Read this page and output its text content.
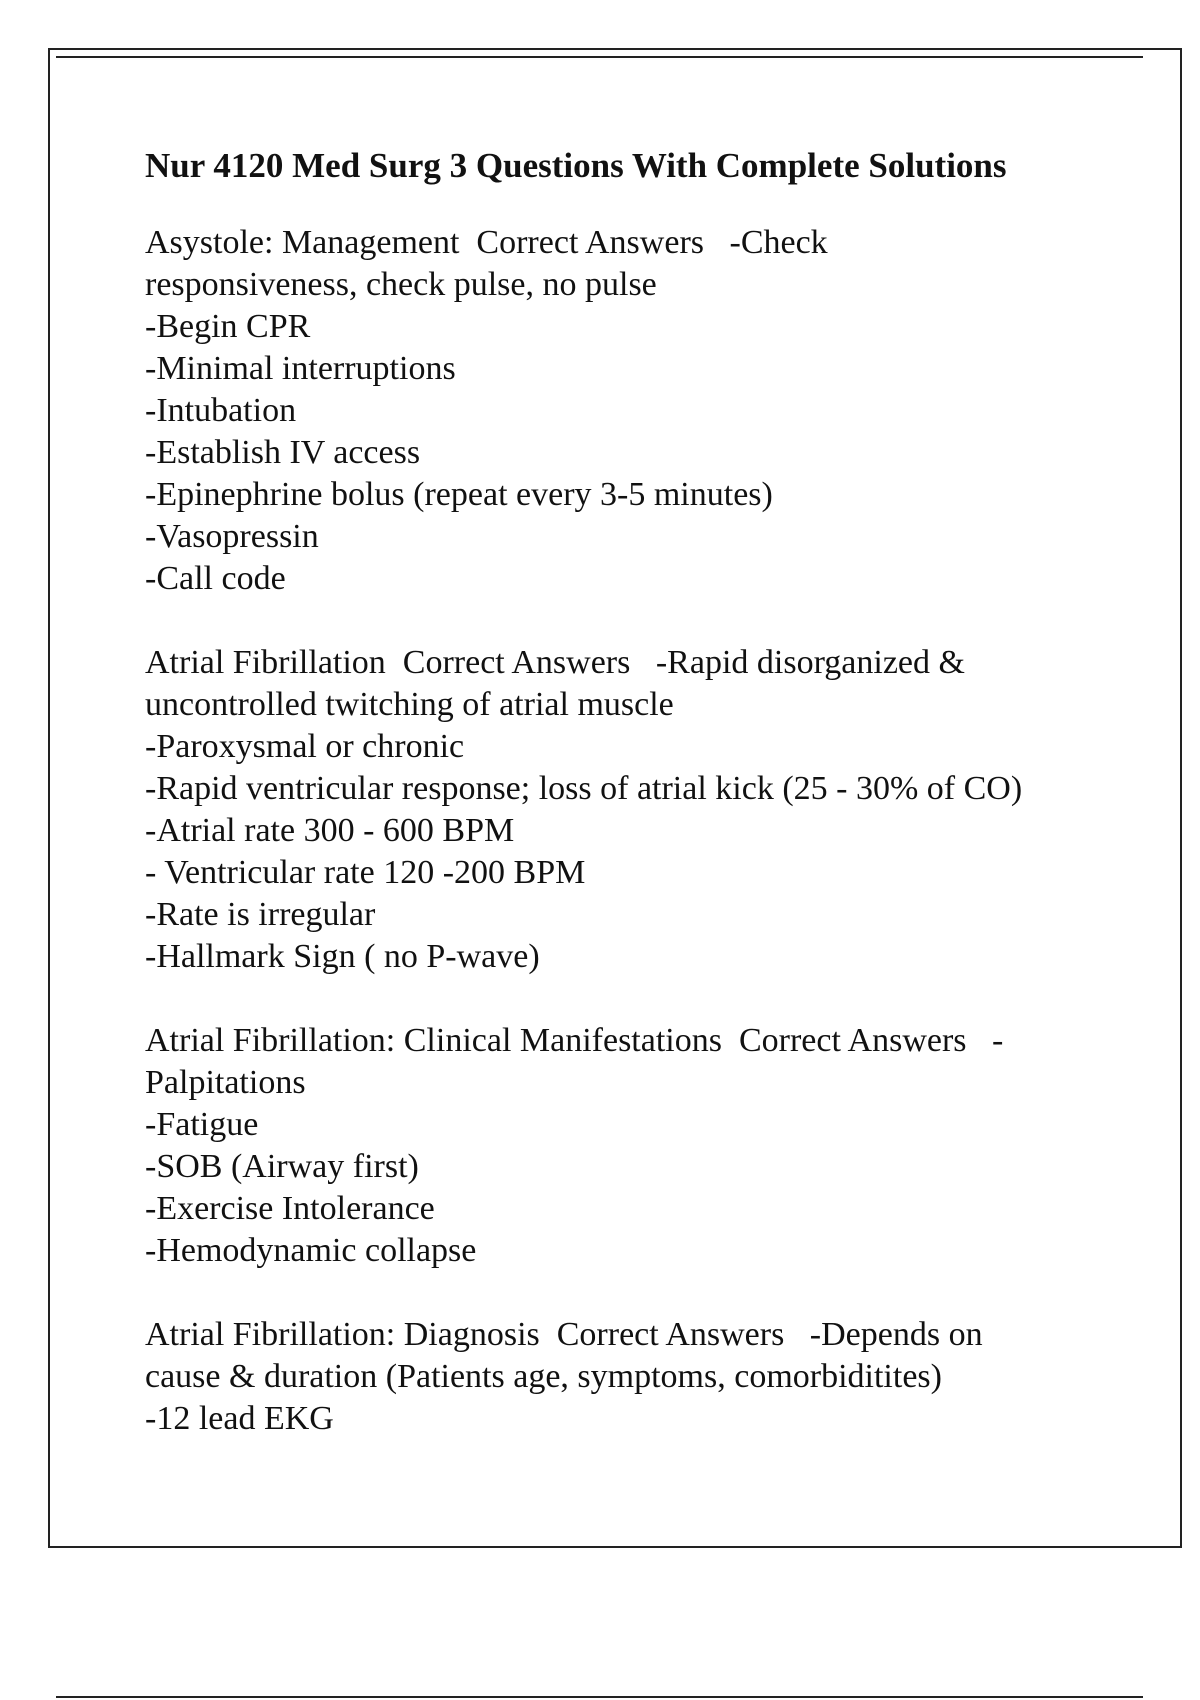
Nur 4120 Med Surg 3 Questions With Complete Solutions
Asystole: Management  Correct Answers   -Check
responsiveness, check pulse, no pulse
-Begin CPR
-Minimal interruptions
-Intubation
-Establish IV access
-Epinephrine bolus (repeat every 3-5 minutes)
-Vasopressin
-Call code
Atrial Fibrillation  Correct Answers   -Rapid disorganized &
uncontrolled twitching of atrial muscle
-Paroxysmal or chronic
-Rapid ventricular response; loss of atrial kick (25 - 30% of CO)
-Atrial rate 300 - 600 BPM
- Ventricular rate 120 -200 BPM
-Rate is irregular
-Hallmark Sign ( no P-wave)
Atrial Fibrillation: Clinical Manifestations  Correct Answers   -
Palpitations
-Fatigue
-SOB (Airway first)
-Exercise Intolerance
-Hemodynamic collapse
Atrial Fibrillation: Diagnosis  Correct Answers   -Depends on
cause & duration (Patients age, symptoms, comorbiditites)
-12 lead EKG
